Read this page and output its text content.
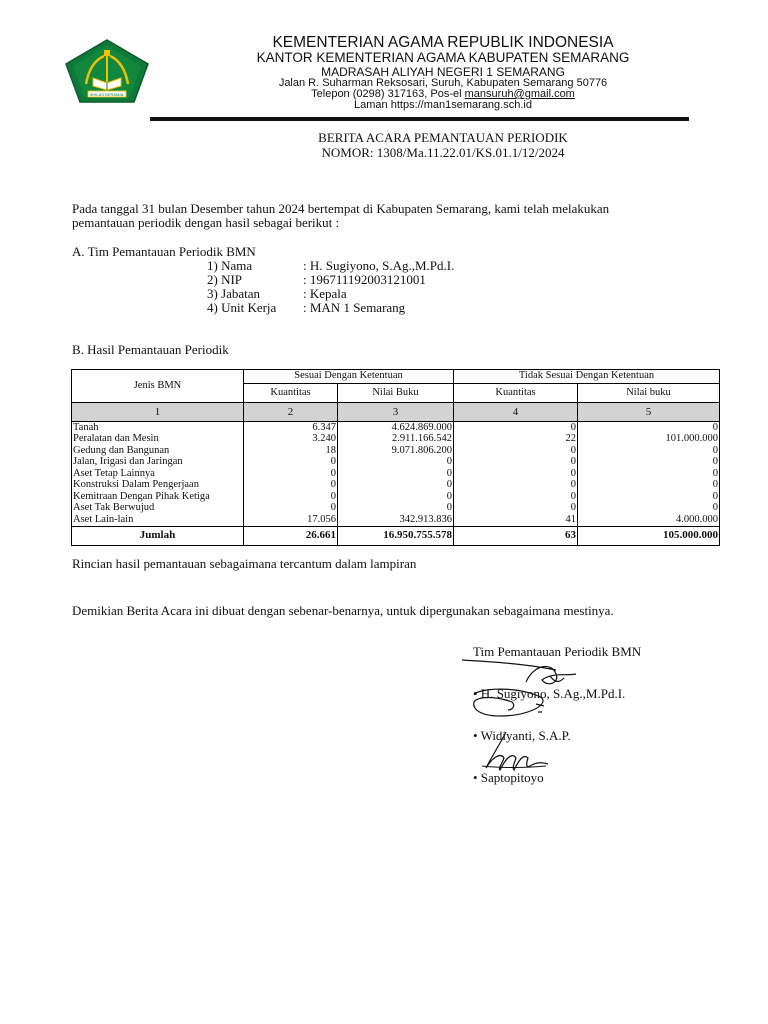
IKHLAS BERAMAL
KEMENTERIAN AGAMA REPUBLIK INDONESIA
KANTOR KEMENTERIAN AGAMA KABUPATEN SEMARANG
MADRASAH ALIYAH NEGERI 1 SEMARANG
Jalan R. Suharman Reksosari, Suruh, Kabupaten Semarang 50776
Telepon (0298) 317163, Pos-el mansuruh@gmail.com
Laman https://man1semarang.sch.id
BERITA ACARA PEMANTAUAN PERIODIK
NOMOR: 1308/Ma.11.22.01/KS.01.1/12/2024
Pada tanggal 31 bulan Desember tahun 2024 bertempat di Kabupaten Semarang, kami telah melakukan
pemantauan periodik dengan hasil sebagai berikut :
A. Tim Pemantauan Periodik BMN
1) Nama	: H. Sugiyono, S.Ag.,M.Pd.I.
2) NIP	: 196711192003121001
3) Jabatan	: Kepala
4) Unit Kerja : MAN 1 Semarang
B. Hasil Pemantauan Periodik
Jenis BMN	Sesuai Dengan Ketentuan		Tidak Sesuai Dengan Ketentuan	
	Kuantitas	Nilai Buku	Kuantitas	Nilai buku
1	2	3	4	5
Tanah	6.347	4.624.869.000	0	0
Peralatan dan Mesin	3.240	2.911.166.542	22	101.000.000
Gedung dan Bangunan	18	9.071.806.200	0	0
Jalan, Irigasi dan Jaringan	0	0	0	0
Aset Tetap Lainnya	0	0	0	0
Konstruksi Dalam Pengerjaan	0	0	0	0
Kemitraan Dengan Pihak Ketiga	0	0	0	0
Aset Tak Berwujud	0	0	0	0
Aset Lain-lain	17.056	342.913.836	41	4.000.000
Jumlah	26.661	16.950.755.578	63	105.000.000
Rincian hasil pemantauan sebagaimana tercantum dalam lampiran
Demikian Berita Acara ini dibuat dengan sebenar-benarnya, untuk dipergunakan sebagaimana mestinya.
Tim Pemantauan Periodik BMN
• H. Sugiyono, S.Ag.,M.Pd.I.
• Widiyanti, S.A.P.
• Saptopitoyo
